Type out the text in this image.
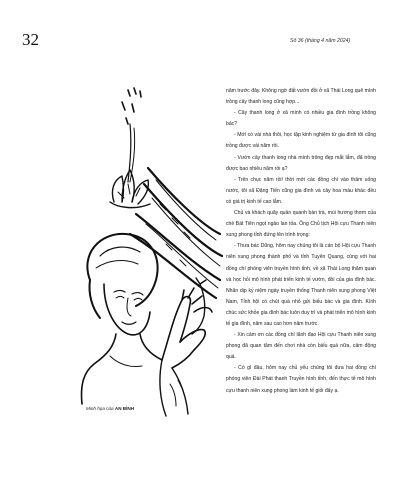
32	Số 36 (tháng 4 năm 2024)
Minh họa của AN BÌNH

năm trước đây. Không ngờ đất vườn đồi ở xã Thái Long quê mình trồng cây thanh long cũng hợp...

- Cây thanh long ở xã mình có nhiều gia đình trồng không bác?

- Mới có vài nhà thôi, học tập kinh nghiệm từ gia đình tôi cũng trồng được vài năm rồi.

- Vườn cây thanh long nhà mình trông đẹp mắt lắm, đã trồng được bao nhiêu năm rồi ạ?

- Trên chục năm rồi! thời mới các đồng chí vào thăm uống nước, tôi xã Đặng Tiến cũng gia đình và cây hoa màu khác đều có giá trị kinh tế cao lắm.

Chủ và khách quây quần quanh bàn trà, mùi hương thơm của chè Bát Tiên ngọt ngào lan tỏa. Ông Chủ tịch Hội cựu Thanh niên xung phong tỉnh đứng lên trình trọng:

- Thưa bác Dũng, hôm nay chúng tôi là cán bộ Hội cựu Thanh niên xung phong thành phố và tỉnh Tuyên Quang, cùng với hai đồng chí phóng viên truyền hình tỉnh, về xã Thái Long thăm quan và học hỏi mô hình phát triển kinh tế vườn, đồi của gia đình bác. Nhân dịp kỷ niệm ngày truyền thống Thanh niên xung phong Việt Nam, Tỉnh hội có chút quà nhỏ gửi biếu bác và gia đình. Kính chúc sức khỏe gia đình bác luôn duy trì và phát triển mô hình kinh tế gia đình, năm sau cao hơn năm trước.

- Xin cảm ơn các đồng chí lãnh đạo Hội cựu Thanh niên xung phong đã quan tâm đến chơi nhà còn biếu quà nữa, cảm động quá.

- Có gì đâu, hôm nay chủ yếu chúng tôi đưa hai đồng chí phóng viên Đài Phát thanh Truyền hình tỉnh, đến thực tế mô hình cựu thanh niên xung phong làm kinh tế giỏi đấy ạ.
